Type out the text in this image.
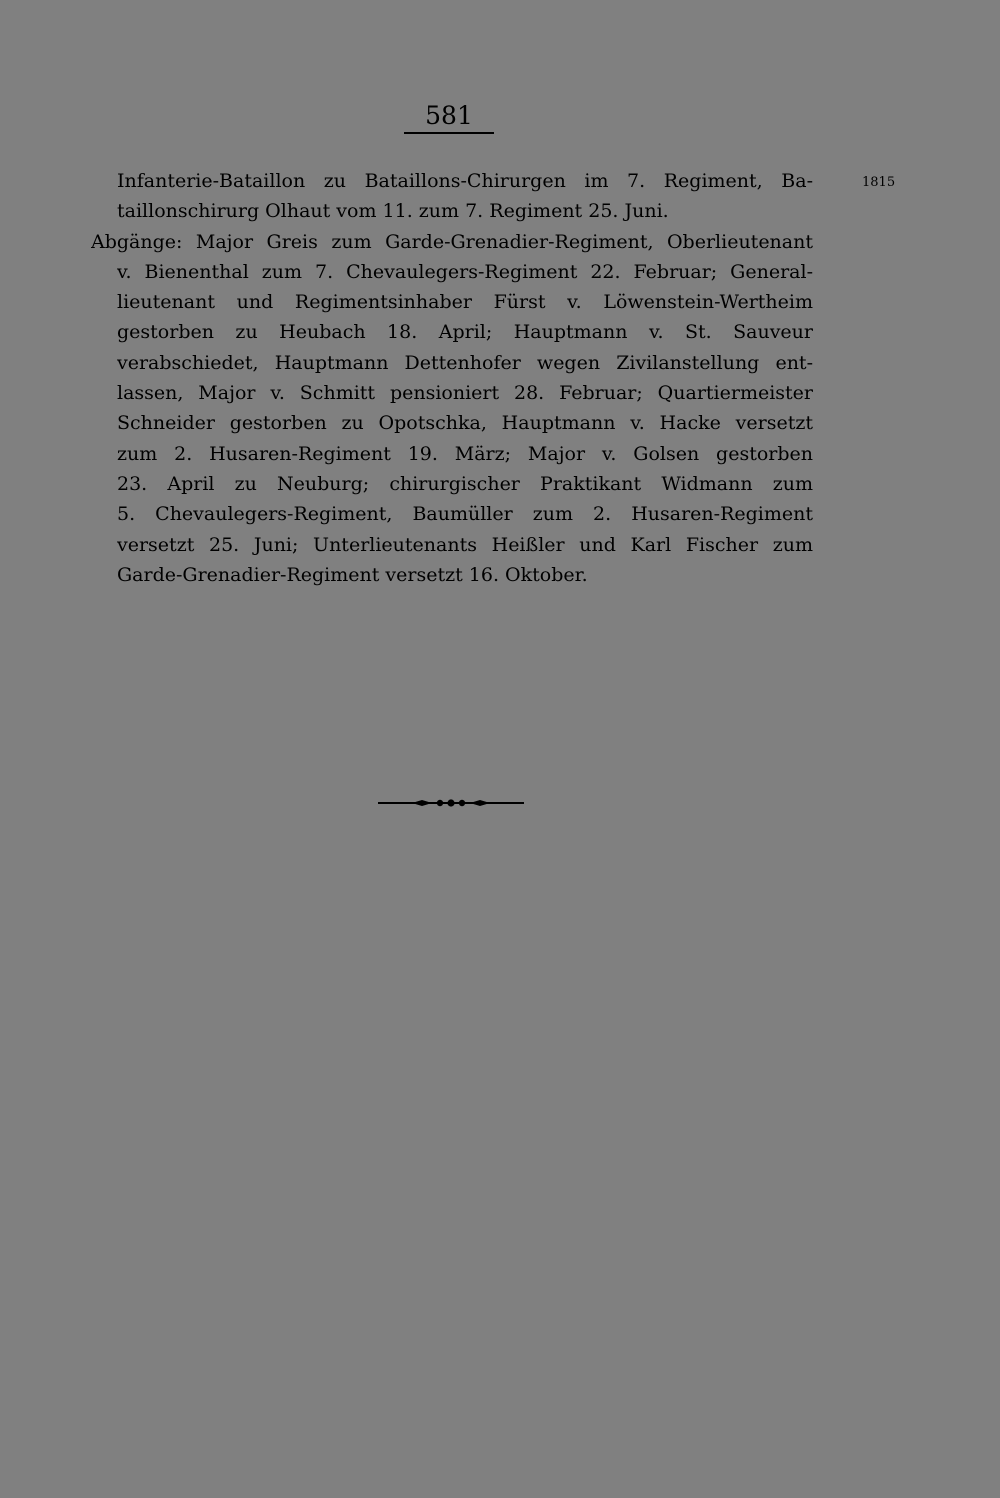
581
1815
Infanterie-Bataillon zu Bataillons-Chirurgen im 7. Regiment, Ba-
taillonschirurg Olhaut vom 11. zum 7. Regiment 25. Juni.
Abgänge: Major Greis zum Garde-Grenadier-Regiment, Oberlieutenant
v. Bienenthal zum 7. Chevaulegers-Regiment 22. Februar; General-
lieutenant und Regimentsinhaber Fürst v. Löwenstein-Wertheim
gestorben zu Heubach 18. April; Hauptmann v. St. Sauveur
verabschiedet, Hauptmann Dettenhofer wegen Zivilanstellung ent-
lassen, Major v. Schmitt pensioniert 28. Februar; Quartiermeister
Schneider gestorben zu Opotschka, Hauptmann v. Hacke versetzt
zum 2. Husaren-Regiment 19. März; Major v. Golsen gestorben
23. April zu Neuburg; chirurgischer Praktikant Widmann zum
5. Chevaulegers-Regiment, Baumüller zum 2. Husaren-Regiment
versetzt 25. Juni; Unterlieutenants Heißler und Karl Fischer zum
Garde-Grenadier-Regiment versetzt 16. Oktober.
